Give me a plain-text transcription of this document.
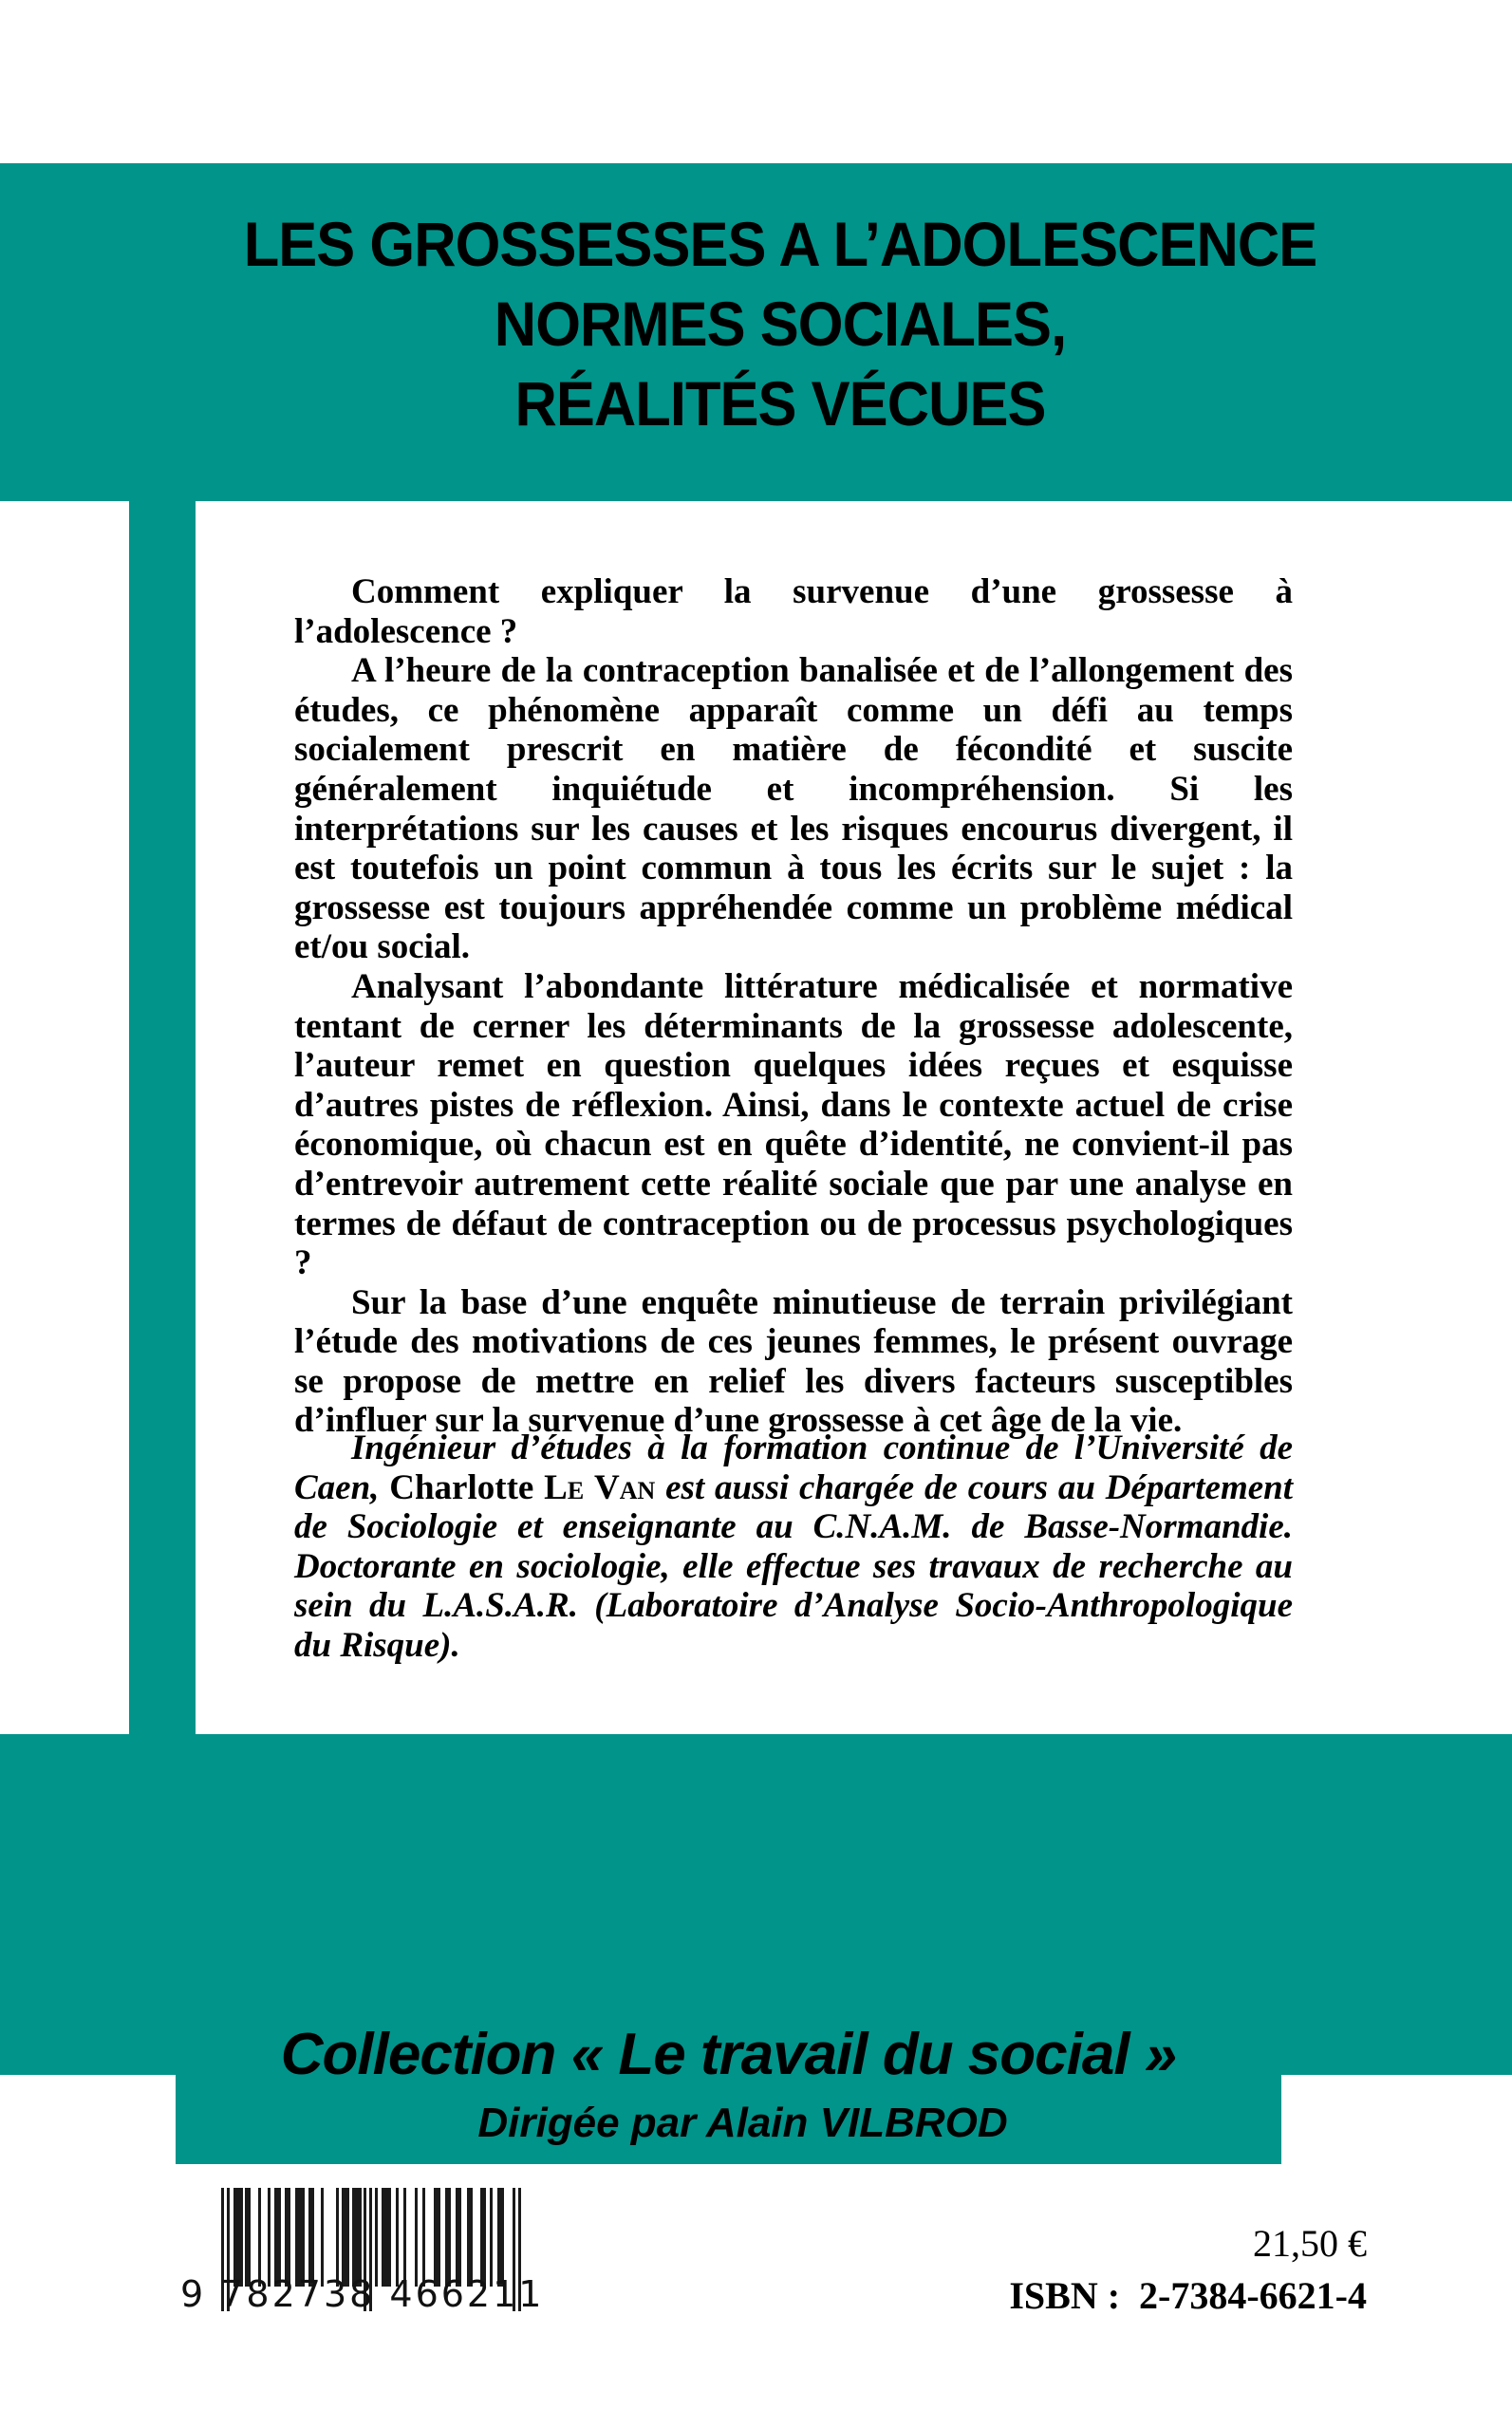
LES GROSSESSES A L’ADOLESCENCE
NORMES SOCIALES,
RÉALITÉS VÉCUES

Comment expliquer la survenue d’une grossesse à l’adolescence ?

A l’heure de la contraception banalisée et de l’allongement des études, ce phénomène apparaît comme un défi au temps socialement prescrit en matière de fécondité et suscite généralement inquiétude et incompréhension. Si les interprétations sur les causes et les risques encourus divergent, il est toutefois un point commun à tous les écrits sur le sujet : la grossesse est toujours appréhendée comme un problème médical et/ou social.

Analysant l’abondante littérature médicalisée et normative tentant de cerner les déterminants de la grossesse adolescente, l’auteur remet en question quelques idées reçues et esquisse d’autres pistes de réflexion. Ainsi, dans le contexte actuel de crise économique, où chacun est en quête d’identité, ne convient-il pas d’entrevoir autrement cette réalité sociale que par une analyse en termes de défaut de contraception ou de processus psychologiques ?

Sur la base d’une enquête minutieuse de terrain privilégiant l’étude des motivations de ces jeunes femmes, le présent ouvrage se propose de mettre en relief les divers facteurs susceptibles d’influer sur la survenue d’une grossesse à cet âge de la vie.

Ingénieur d’études à la formation continue de l’Université de Caen, Charlotte Le Van est aussi chargée de cours au Département de Sociologie et enseignante au C.N.A.M. de Basse-Normandie. Doctorante en sociologie, elle effectue ses travaux de recherche au sein du L.A.S.A.R. (Laboratoire d’Analyse Socio-Anthropologique du Risque).

Collection « Le travail du social »
Dirigée par Alain VILBROD
9 782738 466211
21,50 €
ISBN :  2-7384-6621-4
